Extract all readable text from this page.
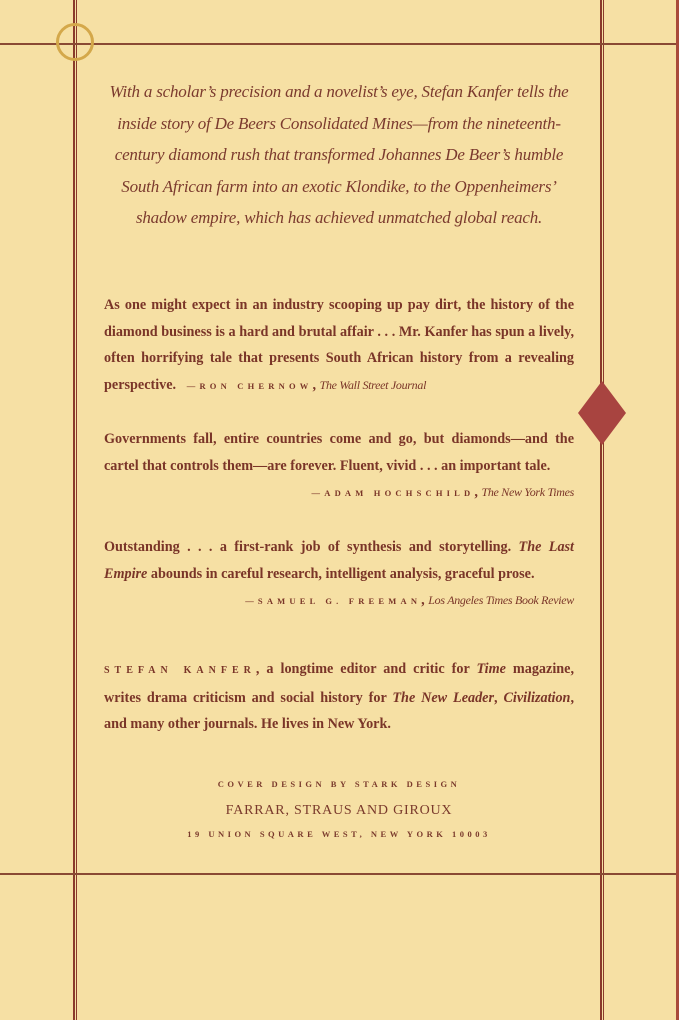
With a scholar’s precision and a novelist’s eye, Stefan Kanfer tells the inside story of De Beers Consolidated Mines—from the nineteenth-century diamond rush that transformed Johannes De Beer’s humble South African farm into an exotic Klondike, to the Oppenheimers’ shadow empire, which has achieved unmatched global reach.
As one might expect in an industry scooping up pay dirt, the history of the diamond business is a hard and brutal affair . . . Mr. Kanfer has spun a lively, often horrifying tale that presents South African history from a revealing perspective. —RON CHERNOW, The Wall Street Journal
Governments fall, entire countries come and go, but diamonds—and the cartel that controls them—are forever. Fluent, vivid . . . an important tale.
—ADAM HOCHSCHILD, The New York Times
Outstanding . . . a first-rank job of synthesis and storytelling. The Last Empire abounds in careful research, intelligent analysis, graceful prose.
—SAMUEL G. FREEMAN, Los Angeles Times Book Review
STEFAN KANFER, a longtime editor and critic for Time magazine, writes drama criticism and social history for The New Leader, Civilization, and many other journals. He lives in New York.
COVER DESIGN BY STARK DESIGN
FARRAR, STRAUS AND GIROUX
19 UNION SQUARE WEST, NEW YORK 10003
